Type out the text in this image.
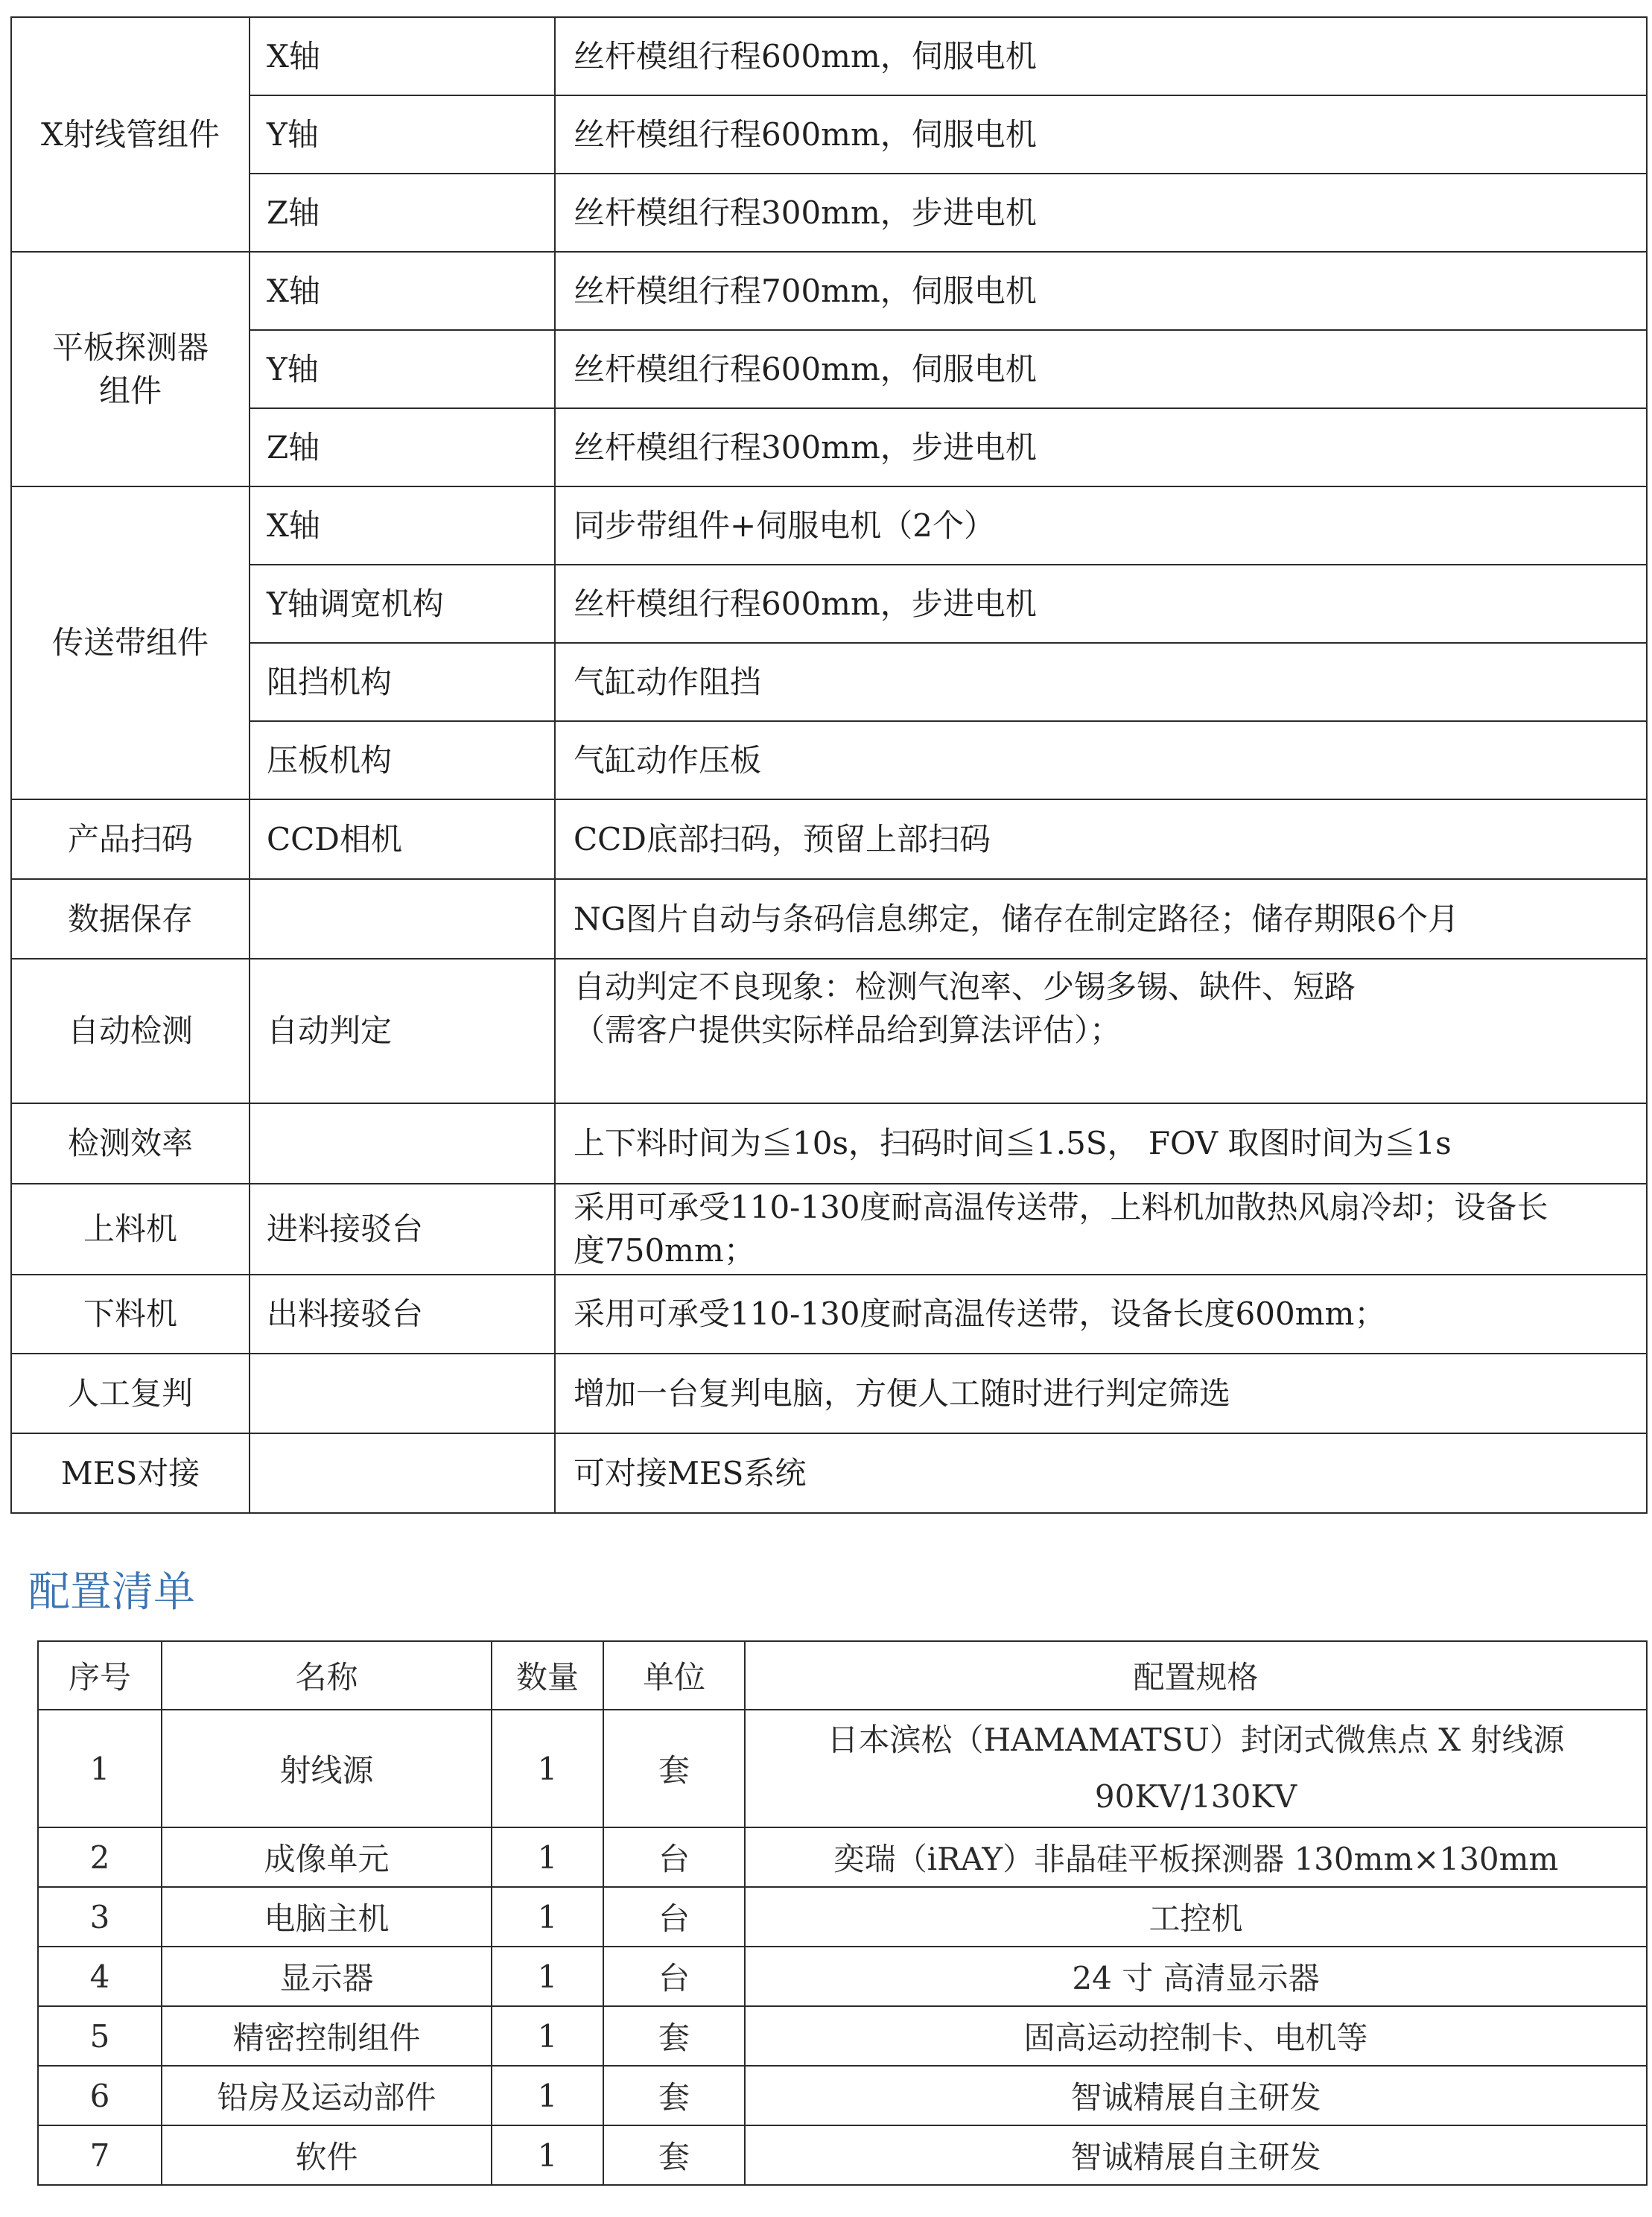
X射线管组件	X轴	丝杆模组行程600mm，伺服电机
	Y轴	丝杆模组行程600mm，伺服电机
	Z轴	丝杆模组行程300mm，步进电机

平板探测器
组件	X轴	丝杆模组行程700mm，伺服电机
	Y轴	丝杆模组行程600mm，伺服电机
	Z轴	丝杆模组行程300mm，步进电机
传送带组件	X轴	同步带组件+伺服电机（2个）
	Y轴调宽机构	丝杆模组行程600mm，步进电机
	阻挡机构	气缸动作阻挡
	压板机构	气缸动作压板
产品扫码	CCD相机	CCD底部扫码，预留上部扫码
数据保存		NG图片自动与条码信息绑定，储存在制定路径；储存期限6个月
自动检测	自动判定	自动判定不良现象：检测气泡率、少锡多锡、缺件、短路
（需客户提供实际样品给到算法评估）；

检测效率		上下料时间为≦10s，扫码时间≦1.5S， FOV 取图时间为≦1s
上料机	进料接驳台	采用可承受110-130度耐高温传送带，上料机加散热风扇冷却；设备长
度750mm；

下料机	出料接驳台	采用可承受110-130度耐高温传送带，设备长度600mm；
人工复判		增加一台复判电脑，方便人工随时进行判定筛选
MES对接		可对接MES系统
配置清单
序号	名称	数量	单位	配置规格
1	射线源	1	套	日本滨松（HAMAMATSU）封闭式微焦点 X 射线源
90KV/130KV

2	成像单元	1	台	奕瑞（iRAY）非晶硅平板探测器 130mm×130mm
3	电脑主机	1	台	工控机
4	显示器	1	台	24 寸 高清显示器
5	精密控制组件	1	套	固高运动控制卡、电机等
6	铅房及运动部件	1	套	智诚精展自主研发
7	软件	1	套	智诚精展自主研发
